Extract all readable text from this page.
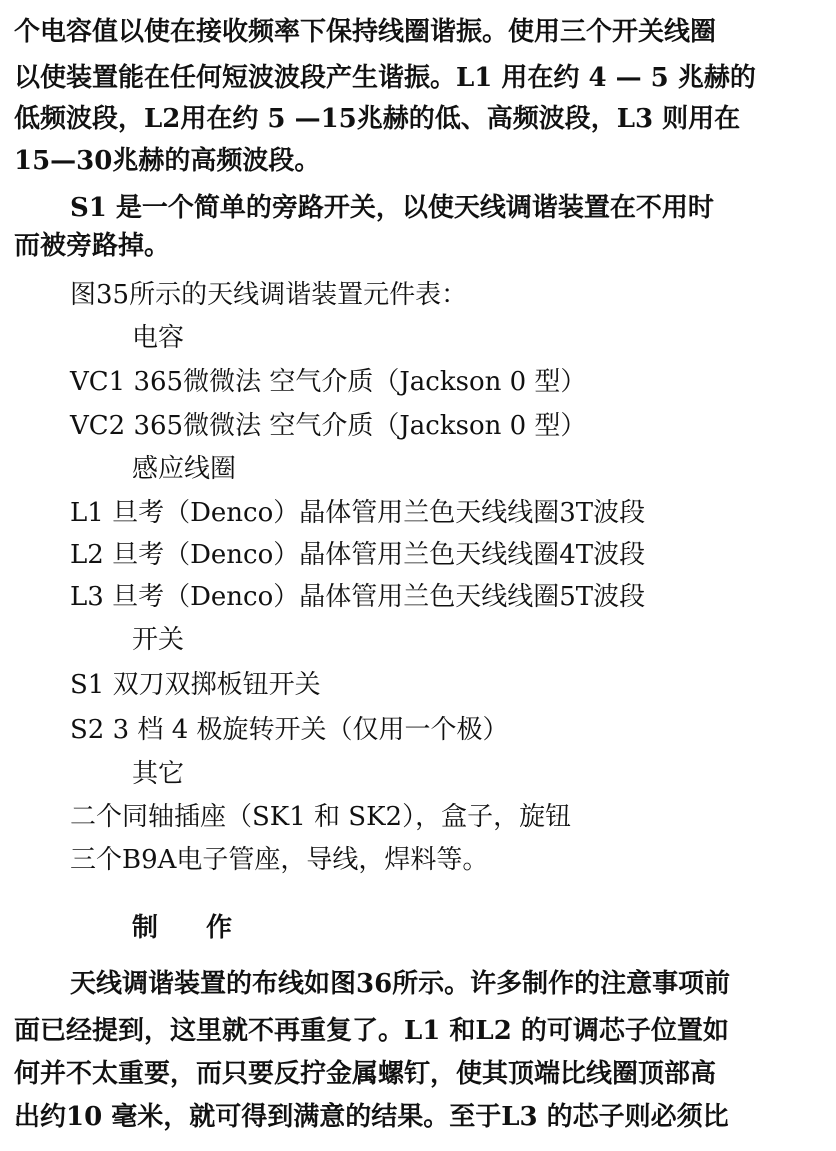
个电容值以使在接收频率下保持线圈谐振。使用三个开关线圈
以使装置能在任何短波波段产生谐振。L1 用在约 4 — 5 兆赫的
低频波段，L2用在约 5 —15兆赫的低、高频波段，L3 则用在
15—30兆赫的高频波段。
S1 是一个简单的旁路开关，以使天线调谐装置在不用时
而被旁路掉。
图35所示的天线调谐装置元件表：
电容
VC1 365微微法 空气介质（Jackson 0 型）
VC2 365微微法 空气介质（Jackson 0 型）
感应线圈
L1 旦考（Denco）晶体管用兰色天线线圈3T波段
L2 旦考（Denco）晶体管用兰色天线线圈4T波段
L3 旦考（Denco）晶体管用兰色天线线圈5T波段
开关
S1 双刀双掷板钮开关
S2 3 档 4 极旋转开关（仅用一个极）
其它
二个同轴插座（SK1 和 SK2），盒子，旋钮
三个B9A电子管座，导线，焊料等。
制作
天线调谐装置的布线如图36所示。许多制作的注意事项前
面已经提到，这里就不再重复了。L1 和L2 的可调芯子位置如
何并不太重要，而只要反拧金属螺钉，使其顶端比线圈顶部高
出约10 毫米，就可得到满意的结果。至于L3 的芯子则必须比
